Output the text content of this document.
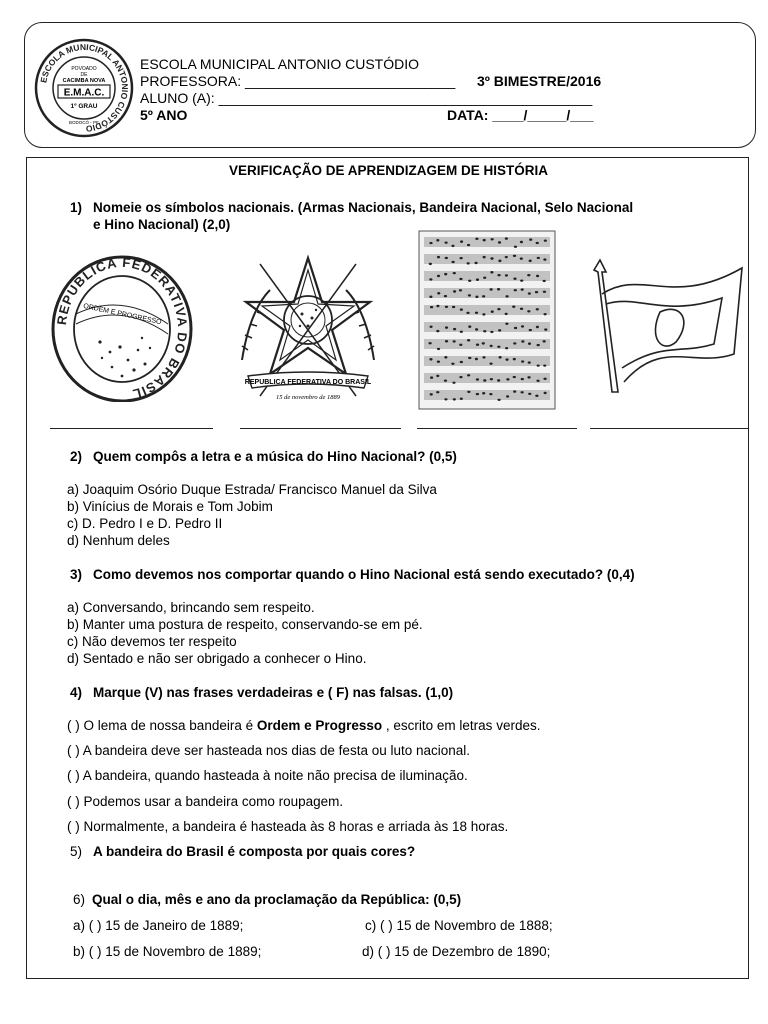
ESCOLA MUNICIPAL ANTONIO CUSTÓDIO
POVOADO
DE
CACIMBA NOVA
E.M.A.C.
1º GRAU
BODOCÓ - PE
ESCOLA MUNICIPAL ANTONIO CUSTÓDIO
PROFESSORA: ___________________________ 3º BIMESTRE/2016
ALUNO (A): ________________________________________________
5º ANO	DATA: ____/_____/___
VERIFICAÇÃO DE APRENDIZAGEM DE HISTÓRIA
1) Nomeie os símbolos nacionais. (Armas Nacionais, Bandeira Nacional, Selo Nacional
e Hino Nacional) (2,0)
REPUBLICA FEDERATIVA DO BRASIL
ORDEM E PROGRESSO
REPUBLICA FEDERATIVA DO BRASIL
15 de novembro de 1889
2) Quem compôs a letra e a música do Hino Nacional? (0,5)
a) Joaquim Osório Duque Estrada/ Francisco Manuel da Silva
b) Vinícius de Morais e Tom Jobim
c) D. Pedro I e D. Pedro II
d) Nenhum deles
3) Como devemos nos comportar quando o Hino Nacional está sendo executado? (0,4)
a) Conversando, brincando sem respeito.
b) Manter uma postura de respeito, conservando-se em pé.
c) Não devemos ter respeito
d) Sentado e não ser obrigado a conhecer o Hino.
4) Marque (V) nas frases verdadeiras e ( F) nas falsas. (1,0)
( ) O lema de nossa bandeira é Ordem e Progresso , escrito em letras verdes.
( ) A bandeira deve ser hasteada nos dias de festa ou luto nacional.
( ) A bandeira, quando hasteada à noite não precisa de iluminação.
( ) Podemos usar a bandeira como roupagem.
( ) Normalmente, a bandeira é hasteada às 8 horas e arriada às 18 horas.
5) A bandeira do Brasil é composta por quais cores?
6) Qual o dia, mês e ano da proclamação da República: (0,5)
a) ( ) 15 de Janeiro de 1889;	c) ( ) 15 de Novembro de 1888;
b) ( ) 15 de Novembro de 1889;	d) ( ) 15 de Dezembro de 1890;
